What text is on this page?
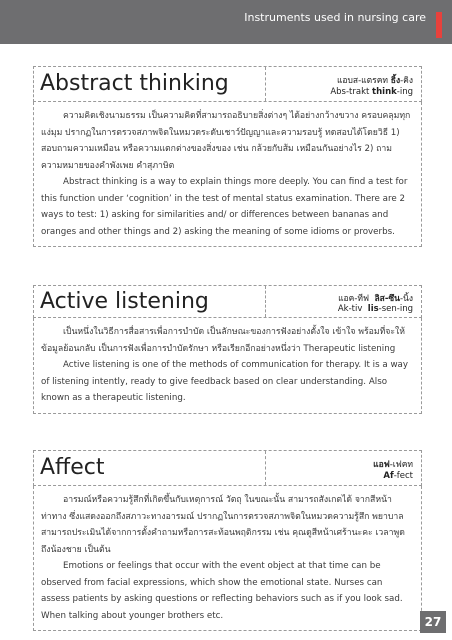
Instruments used in nursing care
Abstract thinking	แอบส-แตรคท ธิ้ง-คิง
Abs-trakt think-ing

ความคิดเชิงนามธรรม เป็นความคิดที่สามารถอธิบายสิ่งต่างๆ ได้อย่างกว้างขวาง ครอบคลุมทุกแง่มุม ปรากฏในการตรวจสภาพจิตในหมวดระดับเชาว์ปัญญาและความรอบรู้ ทดสอบได้โดยวิธี 1) สอบถามความเหมือน หรือความแตกต่างของสิ่งของ เช่น กล้วยกับส้ม เหมือนกันอย่างไร 2) ถามความหมายของคำพังเพย คำสุภาษิต

Abstract thinking is a way to explain things more deeply. You can find a test for this function under ‘cognition’ in the test of mental status examination. There are 2 ways to test: 1) asking for similarities and/ or differences between bananas and oranges and other things and 2) asking the meaning of some idioms or proverbs.

Active listening	แอค-ทีฟ ลิส-ซึน-นิ้ง
Ak-tiv lis-sen-ing

เป็นหนึ่งในวิธีการสื่อสารเพื่อการบำบัด เป็นลักษณะของการฟังอย่างตั้งใจ เข้าใจ พร้อมที่จะให้ข้อมูลย้อนกลับ เป็นการฟังเพื่อการบำบัดรักษา หรือเรียกอีกอย่างหนึ่งว่า Therapeutic listening

Active listening is one of the methods of communication for therapy. It is a way of listening intently, ready to give feedback based on clear understanding. Also known as a therapeutic listening.

Affect	แอฟ-เฟคท
Af-fect

อารมณ์หรือความรู้สึกที่เกิดขึ้นกับเหตุการณ์ วัตถุ ในขณะนั้น สามารถสังเกตได้ จากสีหน้าท่าทาง ซึ่งแสดงออกถึงสภาวะทางอารมณ์ ปรากฏในการตรวจสภาพจิตในหมวดความรู้สึก พยาบาลสามารถประเมินได้จากการตั้งคำถามหรือการสะท้อนพฤติกรรม เช่น คุณดูสีหน้าเศร้านะคะ เวลาพูดถึงน้องชาย เป็นต้น

Emotions or feelings that occur with the event object at that time can be observed from facial expressions, which show the emotional state. Nurses can assess patients by asking questions or reflecting behaviors such as if you look sad. When talking about younger brothers etc.	27
